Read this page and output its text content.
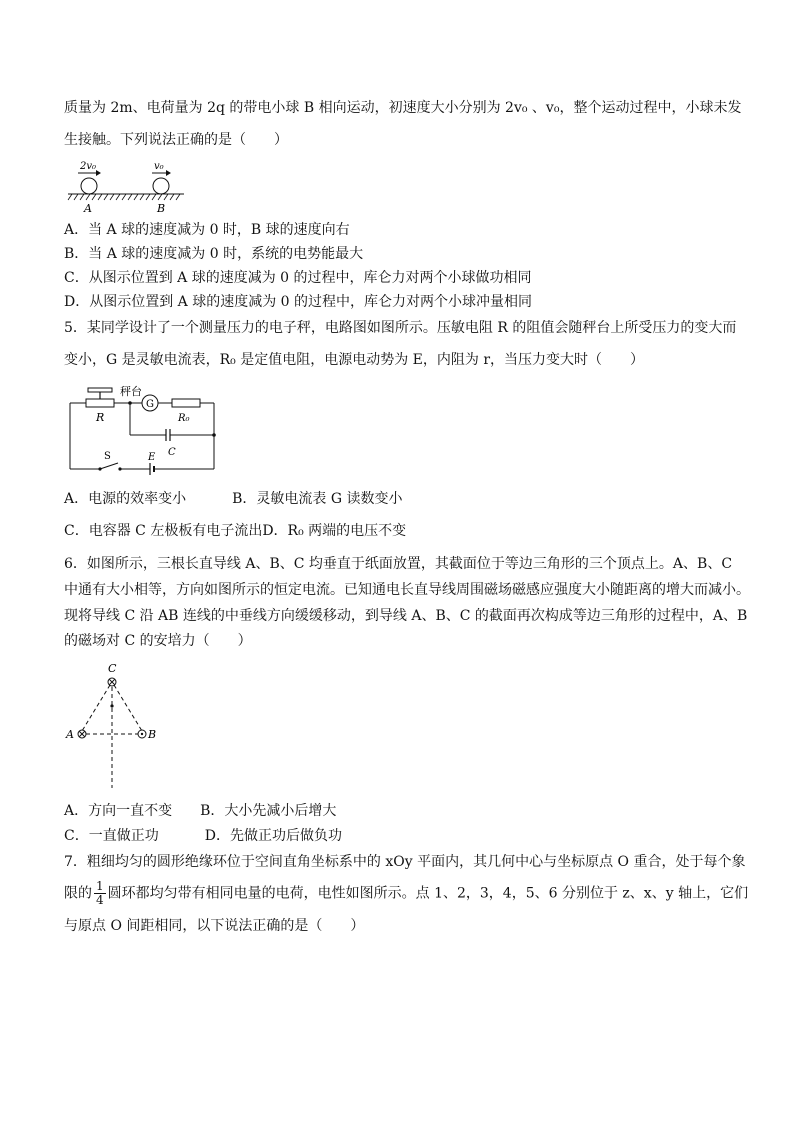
质量为 2m、电荷量为 2q 的带电小球 B 相向运动，初速度大小分别为 2v₀ 、v₀，整个运动过程中，小球未发
生接触。下列说法正确的是（　　）
2v₀	v₀
A	B
A．当 A 球的速度减为 0 时，B 球的速度向右
B．当 A 球的速度减为 0 时，系统的电势能最大
C．从图示位置到 A 球的速度减为 0 的过程中，库仑力对两个小球做功相同
D．从图示位置到 A 球的速度减为 0 的过程中，库仑力对两个小球冲量相同
5．某同学设计了一个测量压力的电子秤，电路图如图所示。压敏电阻 R 的阻值会随秤台上所受压力的变大而
变小，G 是灵敏电流表，R₀ 是定值电阻，电源电动势为 E，内阻为 r，当压力变大时（　　）
秤台
R
G
R₀
C
S	E
A．电源的效率变小	B．灵敏电流表 G 读数变小
C．电容器 C 左极板有电子流出D．R₀ 两端的电压不变
6．如图所示，三根长直导线 A、B、C 均垂直于纸面放置，其截面位于等边三角形的三个顶点上。A、B、C
中通有大小相等，方向如图所示的恒定电流。已知通电长直导线周围磁场磁感应强度大小随距离的增大而减小。
现将导线 C 沿 AB 连线的中垂线方向缓缓移动，到导线 A、B、C 的截面再次构成等边三角形的过程中，A、B
的磁场对 C 的安培力（　　）
C
A	B
A．方向一直不变 B．大小先减小后增大
C．一直做正功	D．先做正功后做负功
7．粗细均匀的圆形绝缘环位于空间直角坐标系中的 xOy 平面内，其几何中心与坐标原点 O 重合，处于每个象
限的 $\frac{1}{4}$ 圆环都均匀带有相同电量的电荷，电性如图所示。点 1、2，3，4，5、6 分别位于 z、x、y 轴上，它们
与原点 O 间距相同，以下说法正确的是（　　）
